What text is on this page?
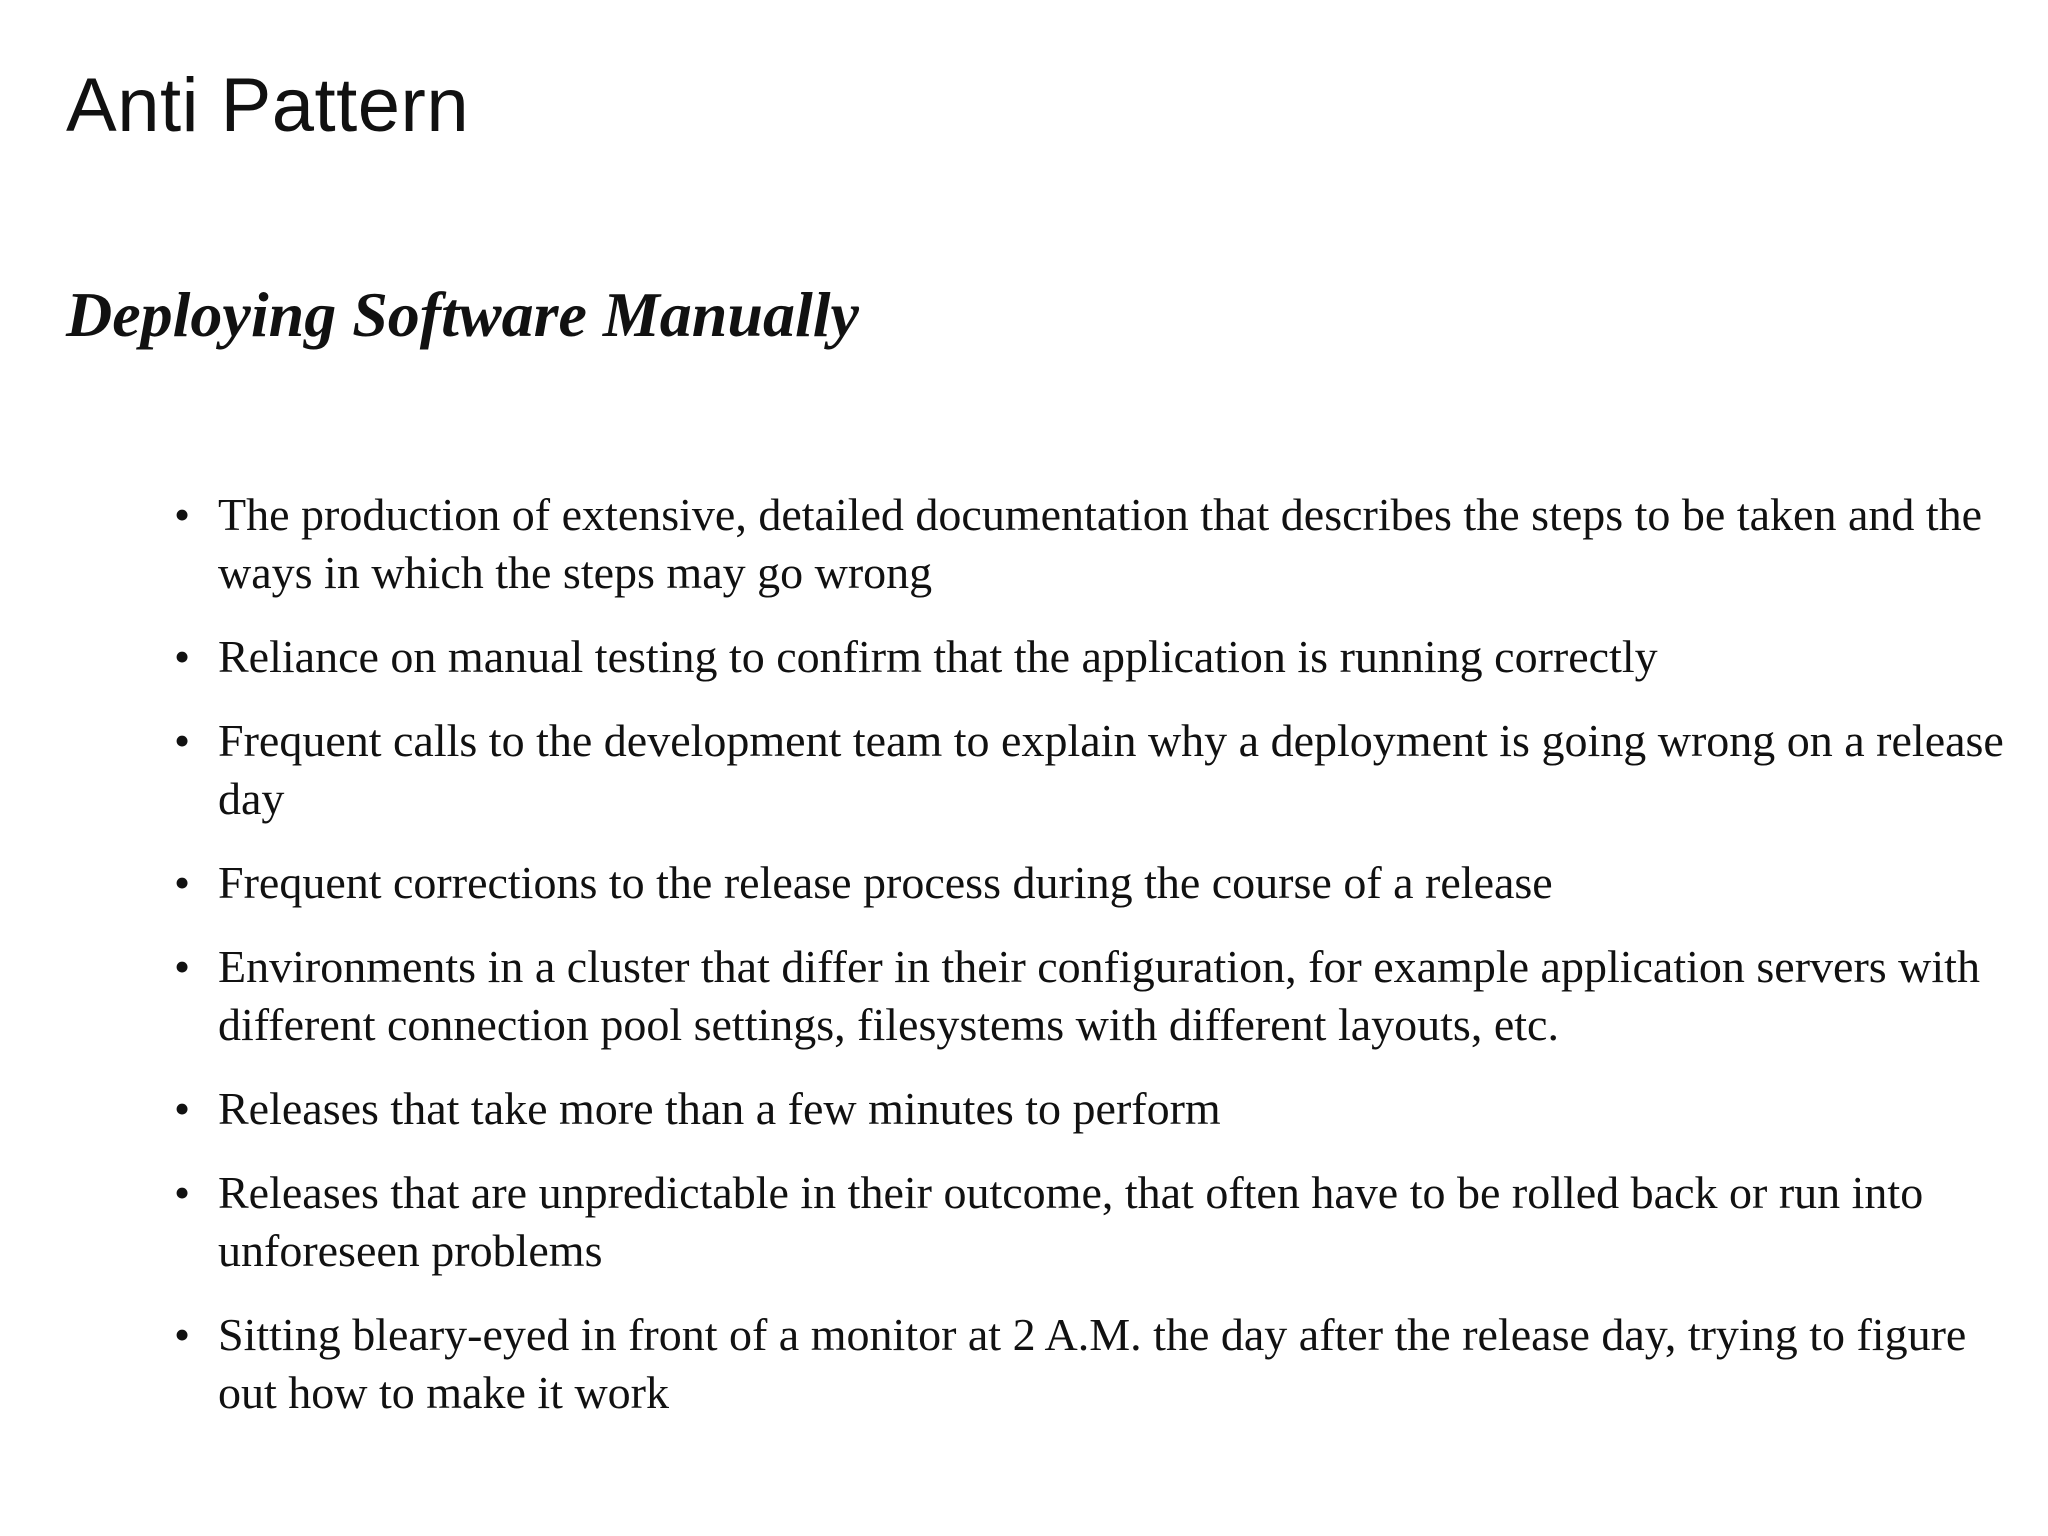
Anti Pattern
Deploying Software Manually
• The production of extensive, detailed documentation that describes the steps to be taken and the ways in which the steps may go wrong
• Reliance on manual testing to confirm that the application is running correctly
• Frequent calls to the development team to explain why a deployment is going wrong on a release day
• Frequent corrections to the release process during the course of a release
• Environments in a cluster that differ in their configuration, for example application servers with different connection pool settings, filesystems with different layouts, etc.
• Releases that take more than a few minutes to perform
• Releases that are unpredictable in their outcome, that often have to be rolled back or run into unforeseen problems
• Sitting bleary-eyed in front of a monitor at 2 A.M. the day after the release day, trying to figure out how to make it work
